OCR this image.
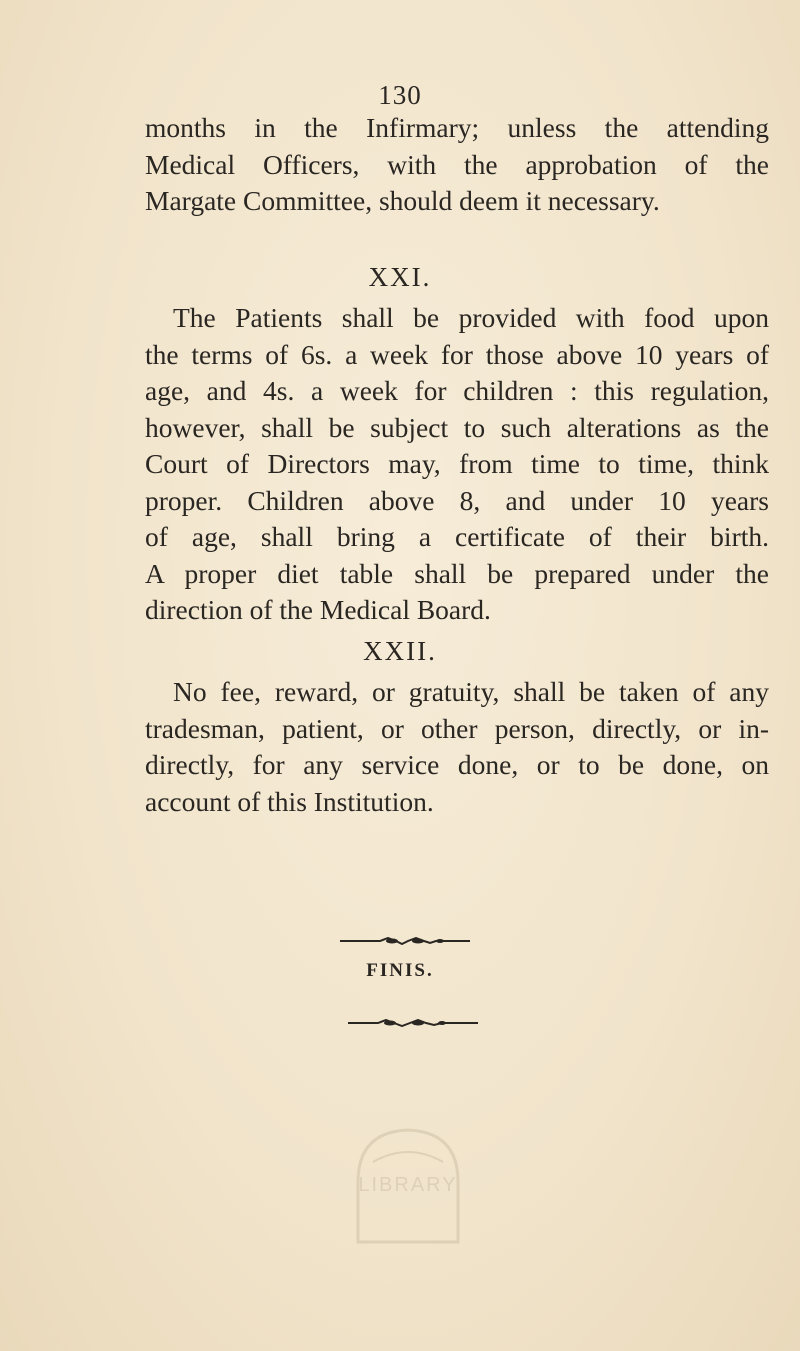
130
months in the Infirmary; unless the attending
Medical Officers, with the approbation of the
Margate Committee, should deem it necessary.
XXI.
The Patients shall be provided with food upon
the terms of 6s. a week for those above 10 years of
age, and 4s. a week for children : this regulation,
however, shall be subject to such alterations as the
Court of Directors may, from time to time, think
proper. Children above 8, and under 10 years
of age, shall bring a certificate of their birth.
A proper diet table shall be prepared under the
direction of the Medical Board.
XXII.
No fee, reward, or gratuity, shall be taken of any
tradesman, patient, or other person, directly, or in-
directly, for any service done, or to be done, on
account of this Institution.
FINIS.
LIBRARY
